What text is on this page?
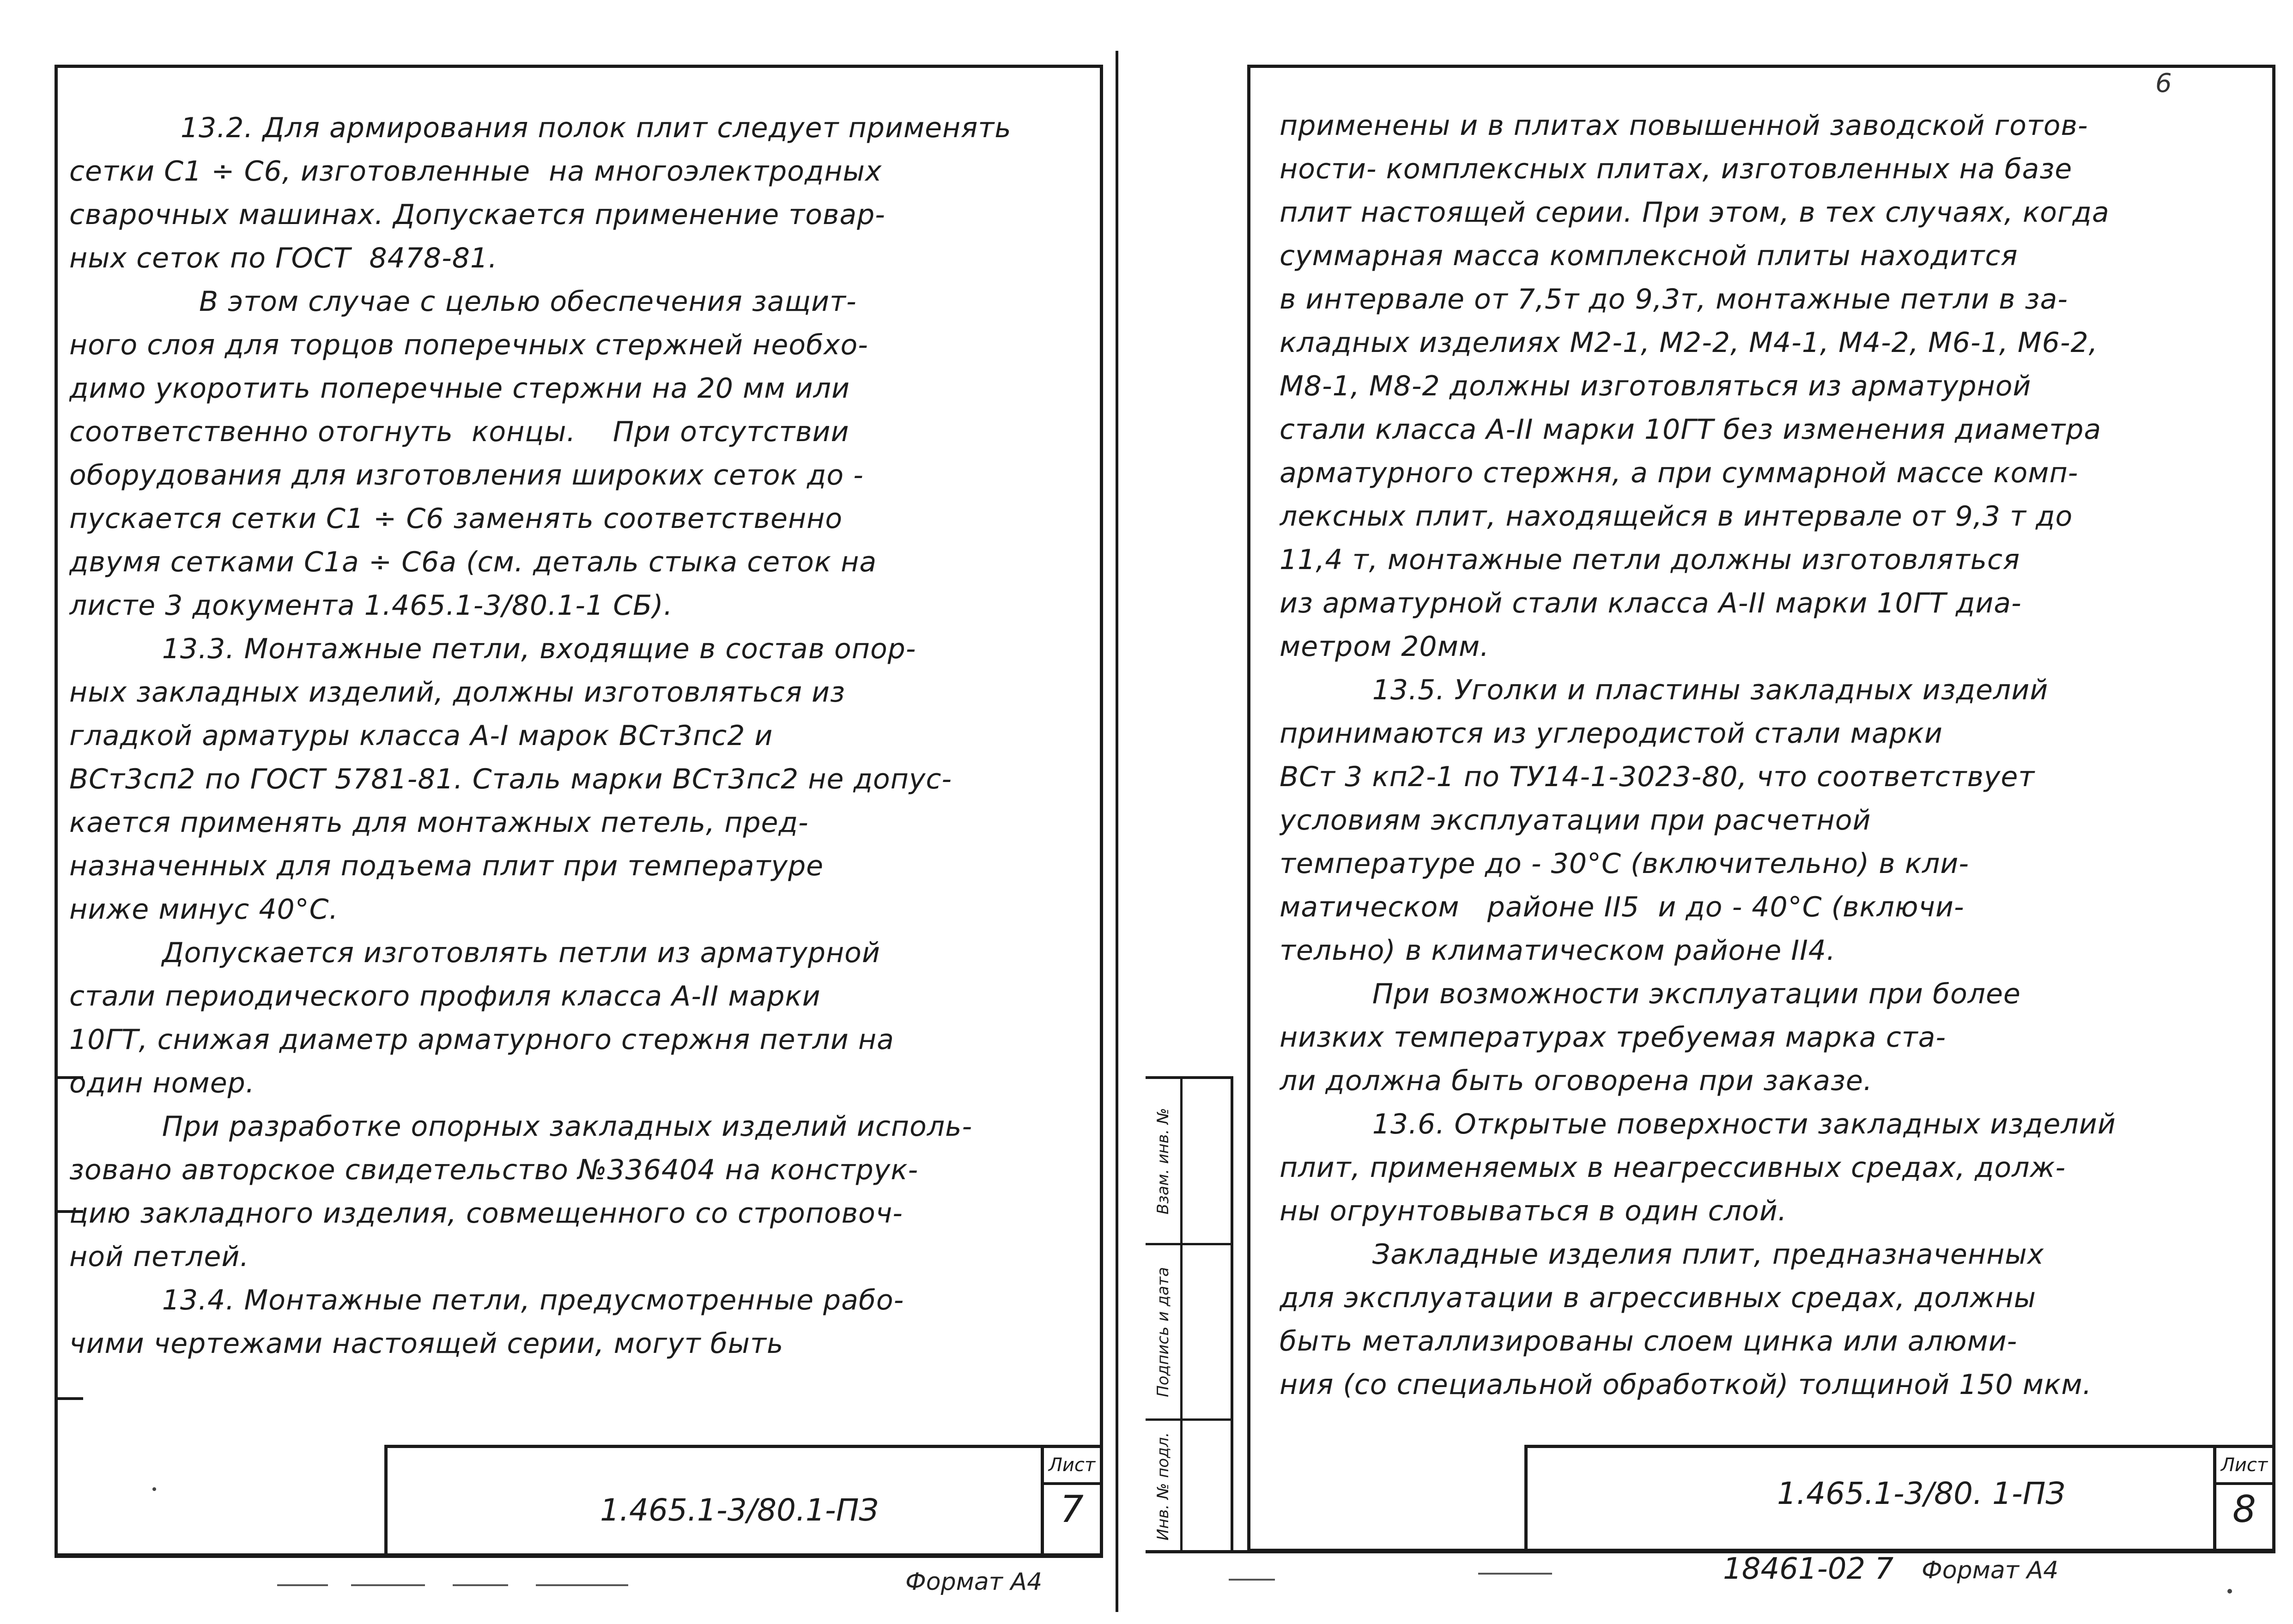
13.2. Для армирования полок плит следует применять
сетки С1 ÷ С6, изготовленные  на многоэлектродных
сварочных машинах. Допускается применение товар-
ных сеток по ГОСТ  8478-81.
В этом случае с целью обеспечения защит-
ного слоя для торцов поперечных стержней необхо-
димо укоротить поперечные стержни на 20 мм или
соответственно отогнуть  концы.    При отсутствии
оборудования для изготовления широких сеток до -
пускается сетки С1 ÷ С6 заменять соответственно
двумя сетками С1а ÷ С6а (см. деталь стыка сеток на
листе 3 документа 1.465.1-3/80.1-1 СБ).
13.3. Монтажные петли, входящие в состав опор-
ных закладных изделий, должны изготовляться из
гладкой арматуры класса А-I марок ВСт3пс2 и
ВСт3сп2 по ГОСТ 5781-81. Сталь марки ВСт3пс2 не допус-
кается применять для монтажных петель, пред-
назначенных для подъема плит при температуре
ниже минус 40°С.
Допускается изготовлять петли из арматурной
стали периодического профиля класса А-II марки
10ГТ, снижая диаметр арматурного стержня петли на
один номер.
При разработке опорных закладных изделий исполь-
зовано авторское свидетельство №336404 на конструк-
цию закладного изделия, совмещенного со строповоч-
ной петлей.
13.4. Монтажные петли, предусмотренные рабо-
чими чертежами настоящей серии, могут быть
1.465.1-3/80.1-ПЗ
Лист
7
Формат А4
6
применены и в плитах повышенной заводской готов-
ности- комплексных плитах, изготовленных на базе
плит настоящей серии. При этом, в тех случаях, когда
суммарная масса комплексной плиты находится
в интервале от 7,5т до 9,3т, монтажные петли в за-
кладных изделиях М2-1, М2-2, М4-1, М4-2, М6-1, М6-2,
М8-1, М8-2 должны изготовляться из арматурной
стали класса А-II марки 10ГТ без изменения диаметра
арматурного стержня, а при суммарной массе комп-
лексных плит, находящейся в интервале от 9,3 т до
11,4 т, монтажные петли должны изготовляться
из арматурной стали класса А-II марки 10ГТ диа-
метром 20мм.
13.5. Уголки и пластины закладных изделий
принимаются из углеродистой стали марки
ВСт 3 кп2-1 по ТУ14-1-3023-80, что соответствует
условиям эксплуатации при расчетной
температуре до - 30°С (включительно) в кли-
матическом   районе II5  и до - 40°С (включи-
тельно) в климатическом районе II4.
При возможности эксплуатации при более
низких температурах требуемая марка ста-
ли должна быть оговорена при заказе.
13.6. Открытые поверхности закладных изделий
плит, применяемых в неагрессивных средах, долж-
ны огрунтовываться в один слой.
Закладные изделия плит, предназначенных
для эксплуатации в агрессивных средах, должны
быть металлизированы слоем цинка или алюми-
ния (со специальной обработкой) толщиной 150 мкм.
Взам. инв. №
Подпись и дата
Инв. № подл.	1.465.1-3/80. 1-ПЗ
Лист
8
18461-02 7 Формат А4
